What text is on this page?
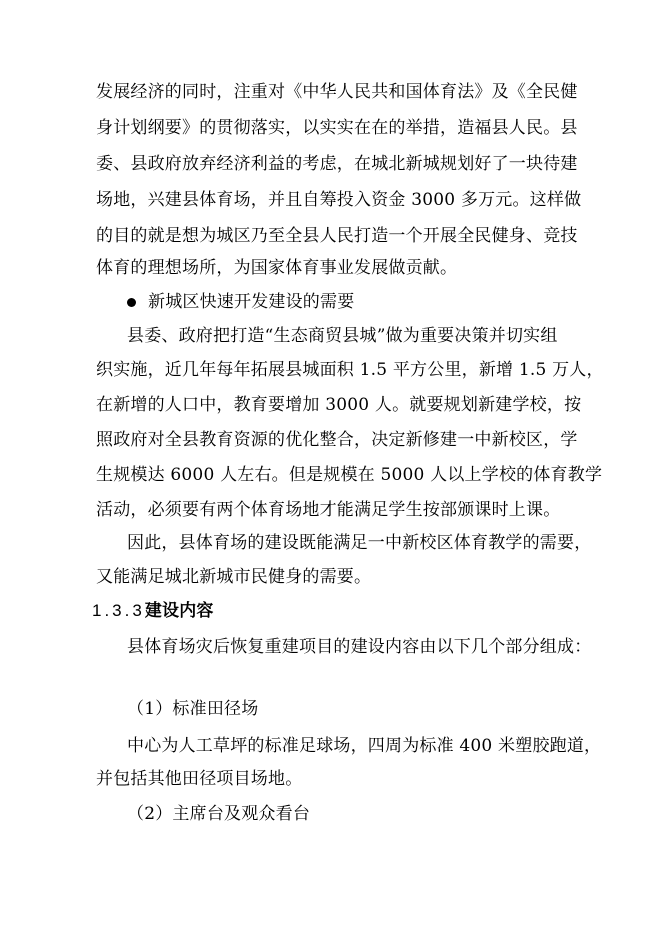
发展经济的同时，注重对《中华人民共和国体育法》及《全民健
身计划纲要》的贯彻落实，以实实在在的举措，造福县人民。县
委、县政府放弃经济利益的考虑，在城北新城规划好了一块待建
场地，兴建县体育场，并且自筹投入资金 3000 多万元。这样做
的目的就是想为城区乃至全县人民打造一个开展全民健身、竞技
体育的理想场所，为国家体育事业发展做贡献。
新城区快速开发建设的需要
县委、政府把打造“生态商贸县城”做为重要决策并切实组
织实施，近几年每年拓展县城面积 1.5 平方公里，新增 1.5 万人，
在新增的人口中，教育要增加 3000 人。就要规划新建学校，按
照政府对全县教育资源的优化整合，决定新修建一中新校区，学
生规模达 6000 人左右。但是规模在 5000 人以上学校的体育教学
活动，必须要有两个体育场地才能满足学生按部颁课时上课。
因此，县体育场的建设既能满足一中新校区体育教学的需要，
又能满足城北新城市民健身的需要。
1.3.3建设内容
县体育场灾后恢复重建项目的建设内容由以下几个部分组成：
（1）标准田径场
中心为人工草坪的标准足球场，四周为标准 400 米塑胶跑道，
并包括其他田径项目场地。
（2）主席台及观众看台
